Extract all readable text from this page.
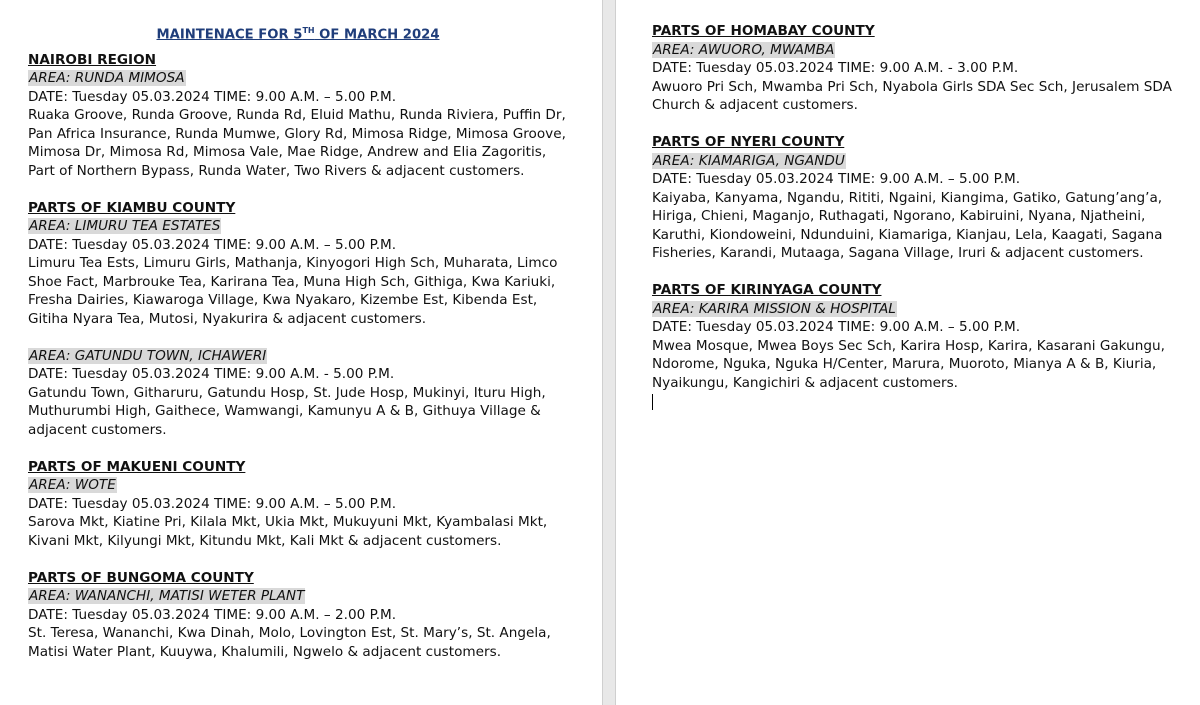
MAINTENACE FOR 5TH OF MARCH 2024

NAIROBI REGION

AREA: RUNDA MIMOSA

DATE: Tuesday 05.03.2024 TIME: 9.00 A.M. – 5.00 P.M.

Ruaka Groove, Runda Groove, Runda Rd, Eluid Mathu, Runda Riviera, Puffin Dr, Pan Africa Insurance, Runda Mumwe, Glory Rd, Mimosa Ridge, Mimosa Groove, Mimosa Dr, Mimosa Rd, Mimosa Vale, Mae Ridge, Andrew and Elia Zagoritis, Part of Northern Bypass, Runda Water, Two Rivers & adjacent customers.

PARTS OF KIAMBU COUNTY

AREA: LIMURU TEA ESTATES

DATE: Tuesday 05.03.2024 TIME: 9.00 A.M. – 5.00 P.M.

Limuru Tea Ests, Limuru Girls, Mathanja, Kinyogori High Sch, Muharata, Limco Shoe Fact, Marbrouke Tea, Karirana Tea, Muna High Sch, Githiga, Kwa Kariuki, Fresha Dairies, Kiawaroga Village, Kwa Nyakaro, Kizembe Est, Kibenda Est, Gitiha Nyara Tea, Mutosi, Nyakurira & adjacent customers.

AREA: GATUNDU TOWN, ICHAWERI

DATE: Tuesday 05.03.2024 TIME: 9.00 A.M. - 5.00 P.M.

Gatundu Town, Githaruru, Gatundu Hosp, St. Jude Hosp, Mukinyi, Ituru High, Muthurumbi High, Gaithece, Wamwangi, Kamunyu A & B, Githuya Village & adjacent customers.

PARTS OF MAKUENI COUNTY

AREA: WOTE

DATE: Tuesday 05.03.2024 TIME: 9.00 A.M. – 5.00 P.M.

Sarova Mkt, Kiatine Pri, Kilala Mkt, Ukia Mkt, Mukuyuni Mkt, Kyambalasi Mkt, Kivani Mkt, Kilyungi Mkt, Kitundu Mkt, Kali Mkt & adjacent customers.

PARTS OF BUNGOMA COUNTY

AREA: WANANCHI, MATISI WETER PLANT

DATE: Tuesday 05.03.2024 TIME: 9.00 A.M. – 2.00 P.M.

St. Teresa, Wananchi, Kwa Dinah, Molo, Lovington Est, St. Mary’s, St. Angela, Matisi Water Plant, Kuuywa, Khalumili, Ngwelo & adjacent customers.

PARTS OF HOMABAY COUNTY

AREA: AWUORO, MWAMBA

DATE: Tuesday 05.03.2024 TIME: 9.00 A.M. - 3.00 P.M.

Awuoro Pri Sch, Mwamba Pri Sch, Nyabola Girls SDA Sec Sch, Jerusalem SDA Church & adjacent customers.

PARTS OF NYERI COUNTY

AREA: KIAMARIGA, NGANDU

DATE: Tuesday 05.03.2024 TIME: 9.00 A.M. – 5.00 P.M.

Kaiyaba, Kanyama, Ngandu, Rititi, Ngaini, Kiangima, Gatiko, Gatung’ang’a, Hiriga, Chieni, Maganjo, Ruthagati, Ngorano, Kabiruini, Nyana, Njatheini, Karuthi, Kiondoweini, Ndunduini, Kiamariga, Kianjau, Lela, Kaagati, Sagana Fisheries, Karandi, Mutaaga, Sagana Village, Iruri & adjacent customers.

PARTS OF KIRINYAGA COUNTY

AREA: KARIRA MISSION & HOSPITAL

DATE: Tuesday 05.03.2024 TIME: 9.00 A.M. – 5.00 P.M.

Mwea Mosque, Mwea Boys Sec Sch, Karira Hosp, Karira, Kasarani Gakungu, Ndorome, Nguka, Nguka H/Center, Marura, Muoroto, Mianya A & B, Kiuria, Nyaikungu, Kangichiri & adjacent customers.
